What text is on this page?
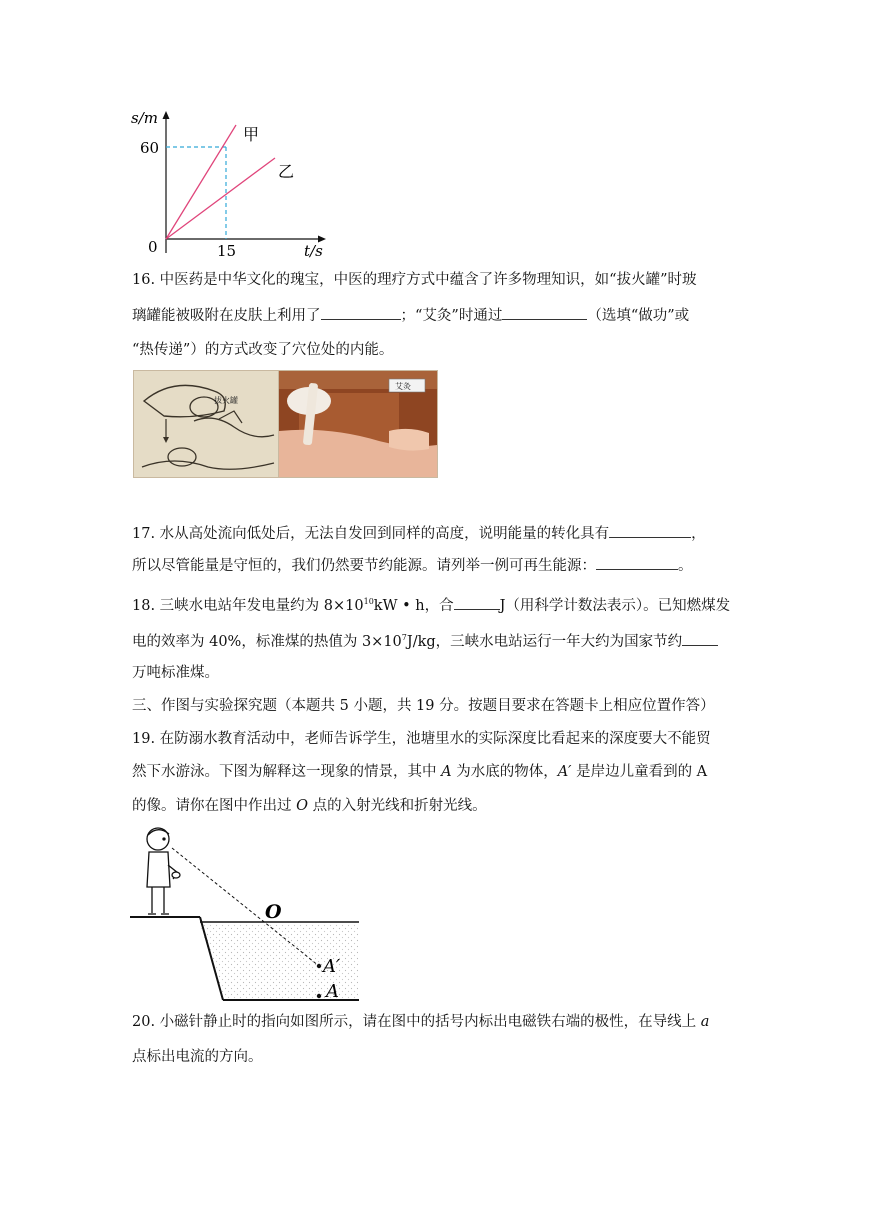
s/m
60
0	15	t/s
甲
乙
16. 中医药是中华文化的瑰宝，中医的理疗方式中蕴含了许多物理知识，如“拔火罐”时玻
璃罐能被吸附在皮肤上利用了	；“艾灸”时通过	（选填“做功”或
“热传递”）的方式改变了穴位处的内能。
拔火罐
艾灸
17. 水从高处流向低处后，无法自发回到同样的高度，说明能量的转化具有	，
所以尽管能量是守恒的，我们仍然要节约能源。请列举一例可再生能源：	。
18. 三峡水电站年发电量约为 $8\times 10^{10}kW$ • h，合	J（用科学计数法表示）。已知燃煤发
电的效率为 40%，标准煤的热值为 $3\times 10^7J/kg$，三峡水电站运行一年大约为国家节约
万吨标准煤。
三、作图与实验探究题（本题共 5 小题，共 19 分。按题目要求在答题卡上相应位置作答）
19. 在防溺水教育活动中，老师告诉学生，池塘里水的实际深度比看起来的深度要大不能贸
然下水游泳。下图为解释这一现象的情景，其中 A 为水底的物体，A′ 是岸边儿童看到的 A
的像。请你在图中作出过 O 点的入射光线和折射光线。
O
A′
A
20. 小磁针静止时的指向如图所示，请在图中的括号内标出电磁铁右端的极性，在导线上 a
点标出电流的方向。
